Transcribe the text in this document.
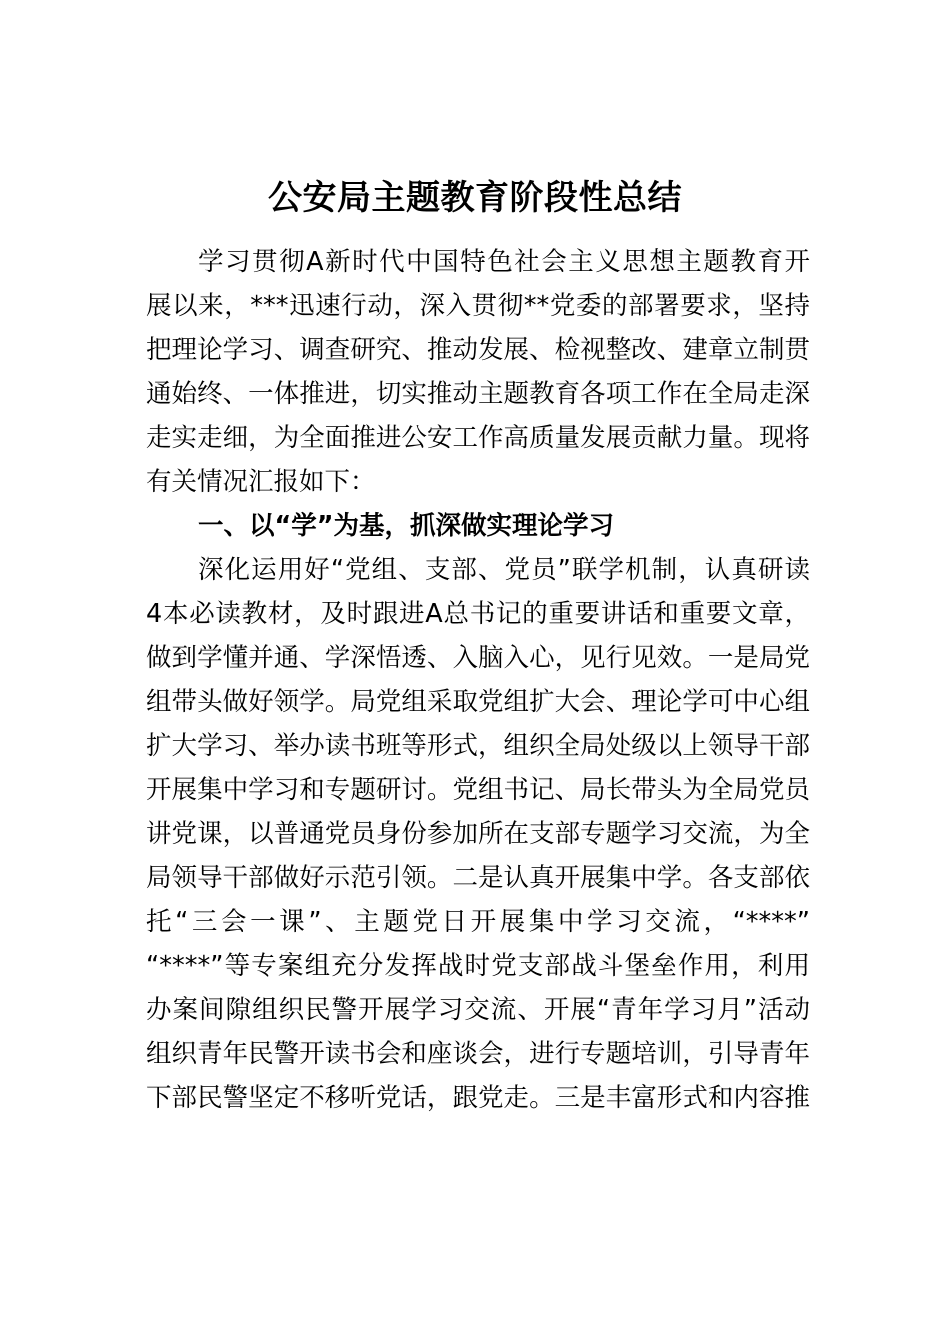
公安局主题教育阶段性总结
学习贯彻A新时代中国特色社会主义思想主题教育开
展以来，***迅速行动，深入贯彻**党委的部署要求，坚持
把理论学习、调查研究、推动发展、检视整改、建章立制贯
通始终、一体推进，切实推动主题教育各项工作在全局走深
走实走细，为全面推进公安工作高质量发展贡献力量。现将
有关情况汇报如下：
一、以“学”为基，抓深做实理论学习
深化运用好“党组、支部、党员”联学机制，认真研读
4本必读教材，及时跟进A总书记的重要讲话和重要文章，
做到学懂并通、学深悟透、入脑入心，见行见效。一是局党
组带头做好领学。局党组采取党组扩大会、理论学可中心组
扩大学习、举办读书班等形式，组织全局处级以上领导干部
开展集中学习和专题研讨。党组书记、局长带头为全局党员
讲党课，以普通党员身份参加所在支部专题学习交流，为全
局领导干部做好示范引领。二是认真开展集中学。各支部依
托“三会一课”、主题党日开展集中学习交流，“****”
“****”等专案组充分发挥战时党支部战斗堡垒作用，利用
办案间隙组织民警开展学习交流、开展“青年学习月”活动
组织青年民警开读书会和座谈会，进行专题培训，引导青年
下部民警坚定不移听党话，跟党走。三是丰富形式和内容推
